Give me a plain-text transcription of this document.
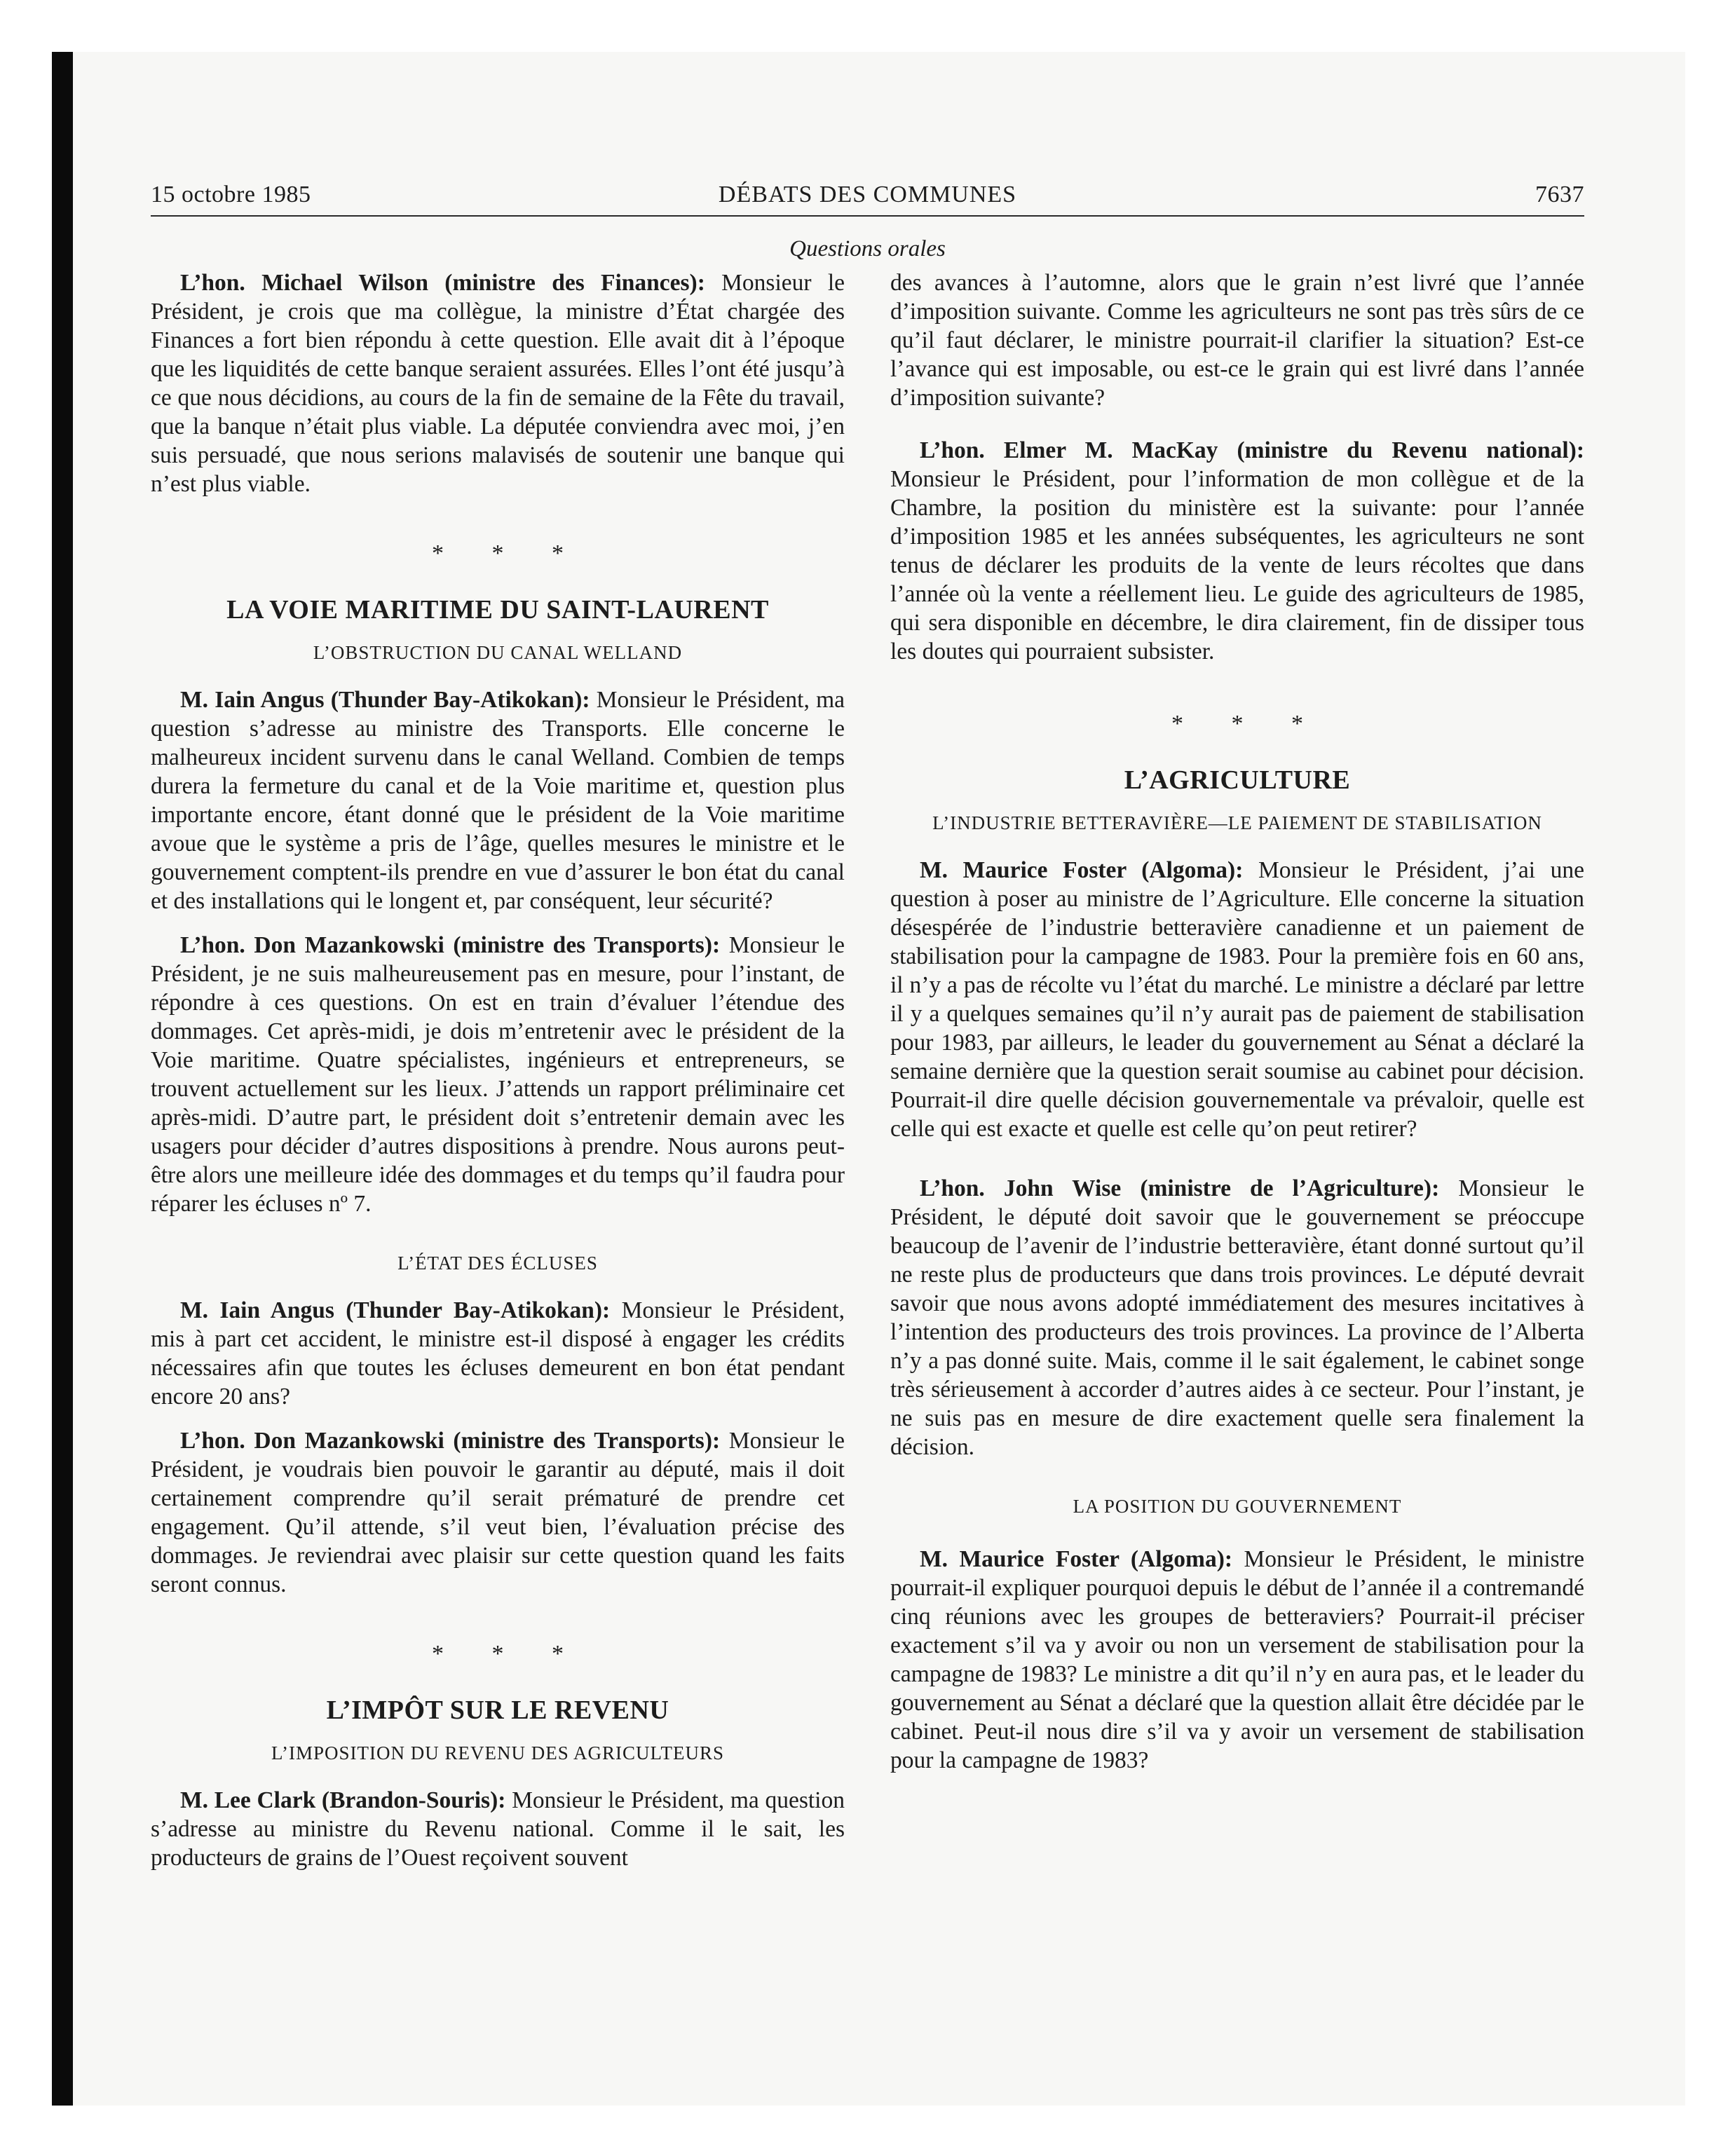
15 octobre 1985	DÉBATS DES COMMUNES	7637
Questions orales

L’hon. Michael Wilson (ministre des Finances): Monsieur le Président, je crois que ma collègue, la ministre d’État chargée des Finances a fort bien répondu à cette question. Elle avait dit à l’époque que les liquidités de cette banque seraient assurées. Elles l’ont été jusqu’à ce que nous décidions, au cours de la fin de semaine de la Fête du travail, que la banque n’était plus viable. La députée conviendra avec moi, j’en suis persuadé, que nous serions malavisés de soutenir une banque qui n’est plus viable.

* * *
LA VOIE MARITIME DU SAINT-LAURENT
L’OBSTRUCTION DU CANAL WELLAND

M. Iain Angus (Thunder Bay-Atikokan): Monsieur le Président, ma question s’adresse au ministre des Transports. Elle concerne le malheureux incident survenu dans le canal Welland. Combien de temps durera la fermeture du canal et de la Voie maritime et, question plus importante encore, étant donné que le président de la Voie maritime avoue que le système a pris de l’âge, quelles mesures le ministre et le gouvernement comptent-ils prendre en vue d’assurer le bon état du canal et des installations qui le longent et, par conséquent, leur sécurité?

L’hon. Don Mazankowski (ministre des Transports): Monsieur le Président, je ne suis malheureusement pas en mesure, pour l’instant, de répondre à ces questions. On est en train d’évaluer l’étendue des dommages. Cet après-midi, je dois m’entretenir avec le président de la Voie maritime. Quatre spécialistes, ingénieurs et entrepreneurs, se trouvent actuellement sur les lieux. J’attends un rapport préliminaire cet après-midi. D’autre part, le président doit s’entretenir demain avec les usagers pour décider d’autres dispositions à prendre. Nous aurons peut-être alors une meilleure idée des dommages et du temps qu’il faudra pour réparer les écluses nº 7.

L’ÉTAT DES ÉCLUSES

M. Iain Angus (Thunder Bay-Atikokan): Monsieur le Président, mis à part cet accident, le ministre est-il disposé à engager les crédits nécessaires afin que toutes les écluses demeurent en bon état pendant encore 20 ans?

L’hon. Don Mazankowski (ministre des Transports): Monsieur le Président, je voudrais bien pouvoir le garantir au député, mais il doit certainement comprendre qu’il serait prématuré de prendre cet engagement. Qu’il attende, s’il veut bien, l’évaluation précise des dommages. Je reviendrai avec plaisir sur cette question quand les faits seront connus.

* * *
L’IMPÔT SUR LE REVENU
L’IMPOSITION DU REVENU DES AGRICULTEURS

M. Lee Clark (Brandon-Souris): Monsieur le Président, ma question s’adresse au ministre du Revenu national. Comme il le sait, les producteurs de grains de l’Ouest reçoivent souvent

des avances à l’automne, alors que le grain n’est livré que l’année d’imposition suivante. Comme les agriculteurs ne sont pas très sûrs de ce qu’il faut déclarer, le ministre pourrait-il clarifier la situation? Est-ce l’avance qui est imposable, ou est-ce le grain qui est livré dans l’année d’imposition suivante?

L’hon. Elmer M. MacKay (ministre du Revenu national): Monsieur le Président, pour l’information de mon collègue et de la Chambre, la position du ministère est la suivante: pour l’année d’imposition 1985 et les années subséquentes, les agriculteurs ne sont tenus de déclarer les produits de la vente de leurs récoltes que dans l’année où la vente a réellement lieu. Le guide des agriculteurs de 1985, qui sera disponible en décembre, le dira clairement, fin de dissiper tous les doutes qui pourraient subsister.

* * *
L’AGRICULTURE
L’INDUSTRIE BETTERAVIÈRE—LE PAIEMENT DE STABILISATION

M. Maurice Foster (Algoma): Monsieur le Président, j’ai une question à poser au ministre de l’Agriculture. Elle concerne la situation désespérée de l’industrie betteravière canadienne et un paiement de stabilisation pour la campagne de 1983. Pour la première fois en 60 ans, il n’y a pas de récolte vu l’état du marché. Le ministre a déclaré par lettre il y a quelques semaines qu’il n’y aurait pas de paiement de stabilisation pour 1983, par ailleurs, le leader du gouvernement au Sénat a déclaré la semaine dernière que la question serait soumise au cabinet pour décision. Pourrait-il dire quelle décision gouvernementale va prévaloir, quelle est celle qui est exacte et quelle est celle qu’on peut retirer?

L’hon. John Wise (ministre de l’Agriculture): Monsieur le Président, le député doit savoir que le gouvernement se préoccupe beaucoup de l’avenir de l’industrie betteravière, étant donné surtout qu’il ne reste plus de producteurs que dans trois provinces. Le député devrait savoir que nous avons adopté immédiatement des mesures incitatives à l’intention des producteurs des trois provinces. La province de l’Alberta n’y a pas donné suite. Mais, comme il le sait également, le cabinet songe très sérieusement à accorder d’autres aides à ce secteur. Pour l’instant, je ne suis pas en mesure de dire exactement quelle sera finalement la décision.

LA POSITION DU GOUVERNEMENT

M. Maurice Foster (Algoma): Monsieur le Président, le ministre pourrait-il expliquer pourquoi depuis le début de l’année il a contremandé cinq réunions avec les groupes de betteraviers? Pourrait-il préciser exactement s’il va y avoir ou non un versement de stabilisation pour la campagne de 1983? Le ministre a dit qu’il n’y en aura pas, et le leader du gouvernement au Sénat a déclaré que la question allait être décidée par le cabinet. Peut-il nous dire s’il va y avoir un versement de stabilisation pour la campagne de 1983?
